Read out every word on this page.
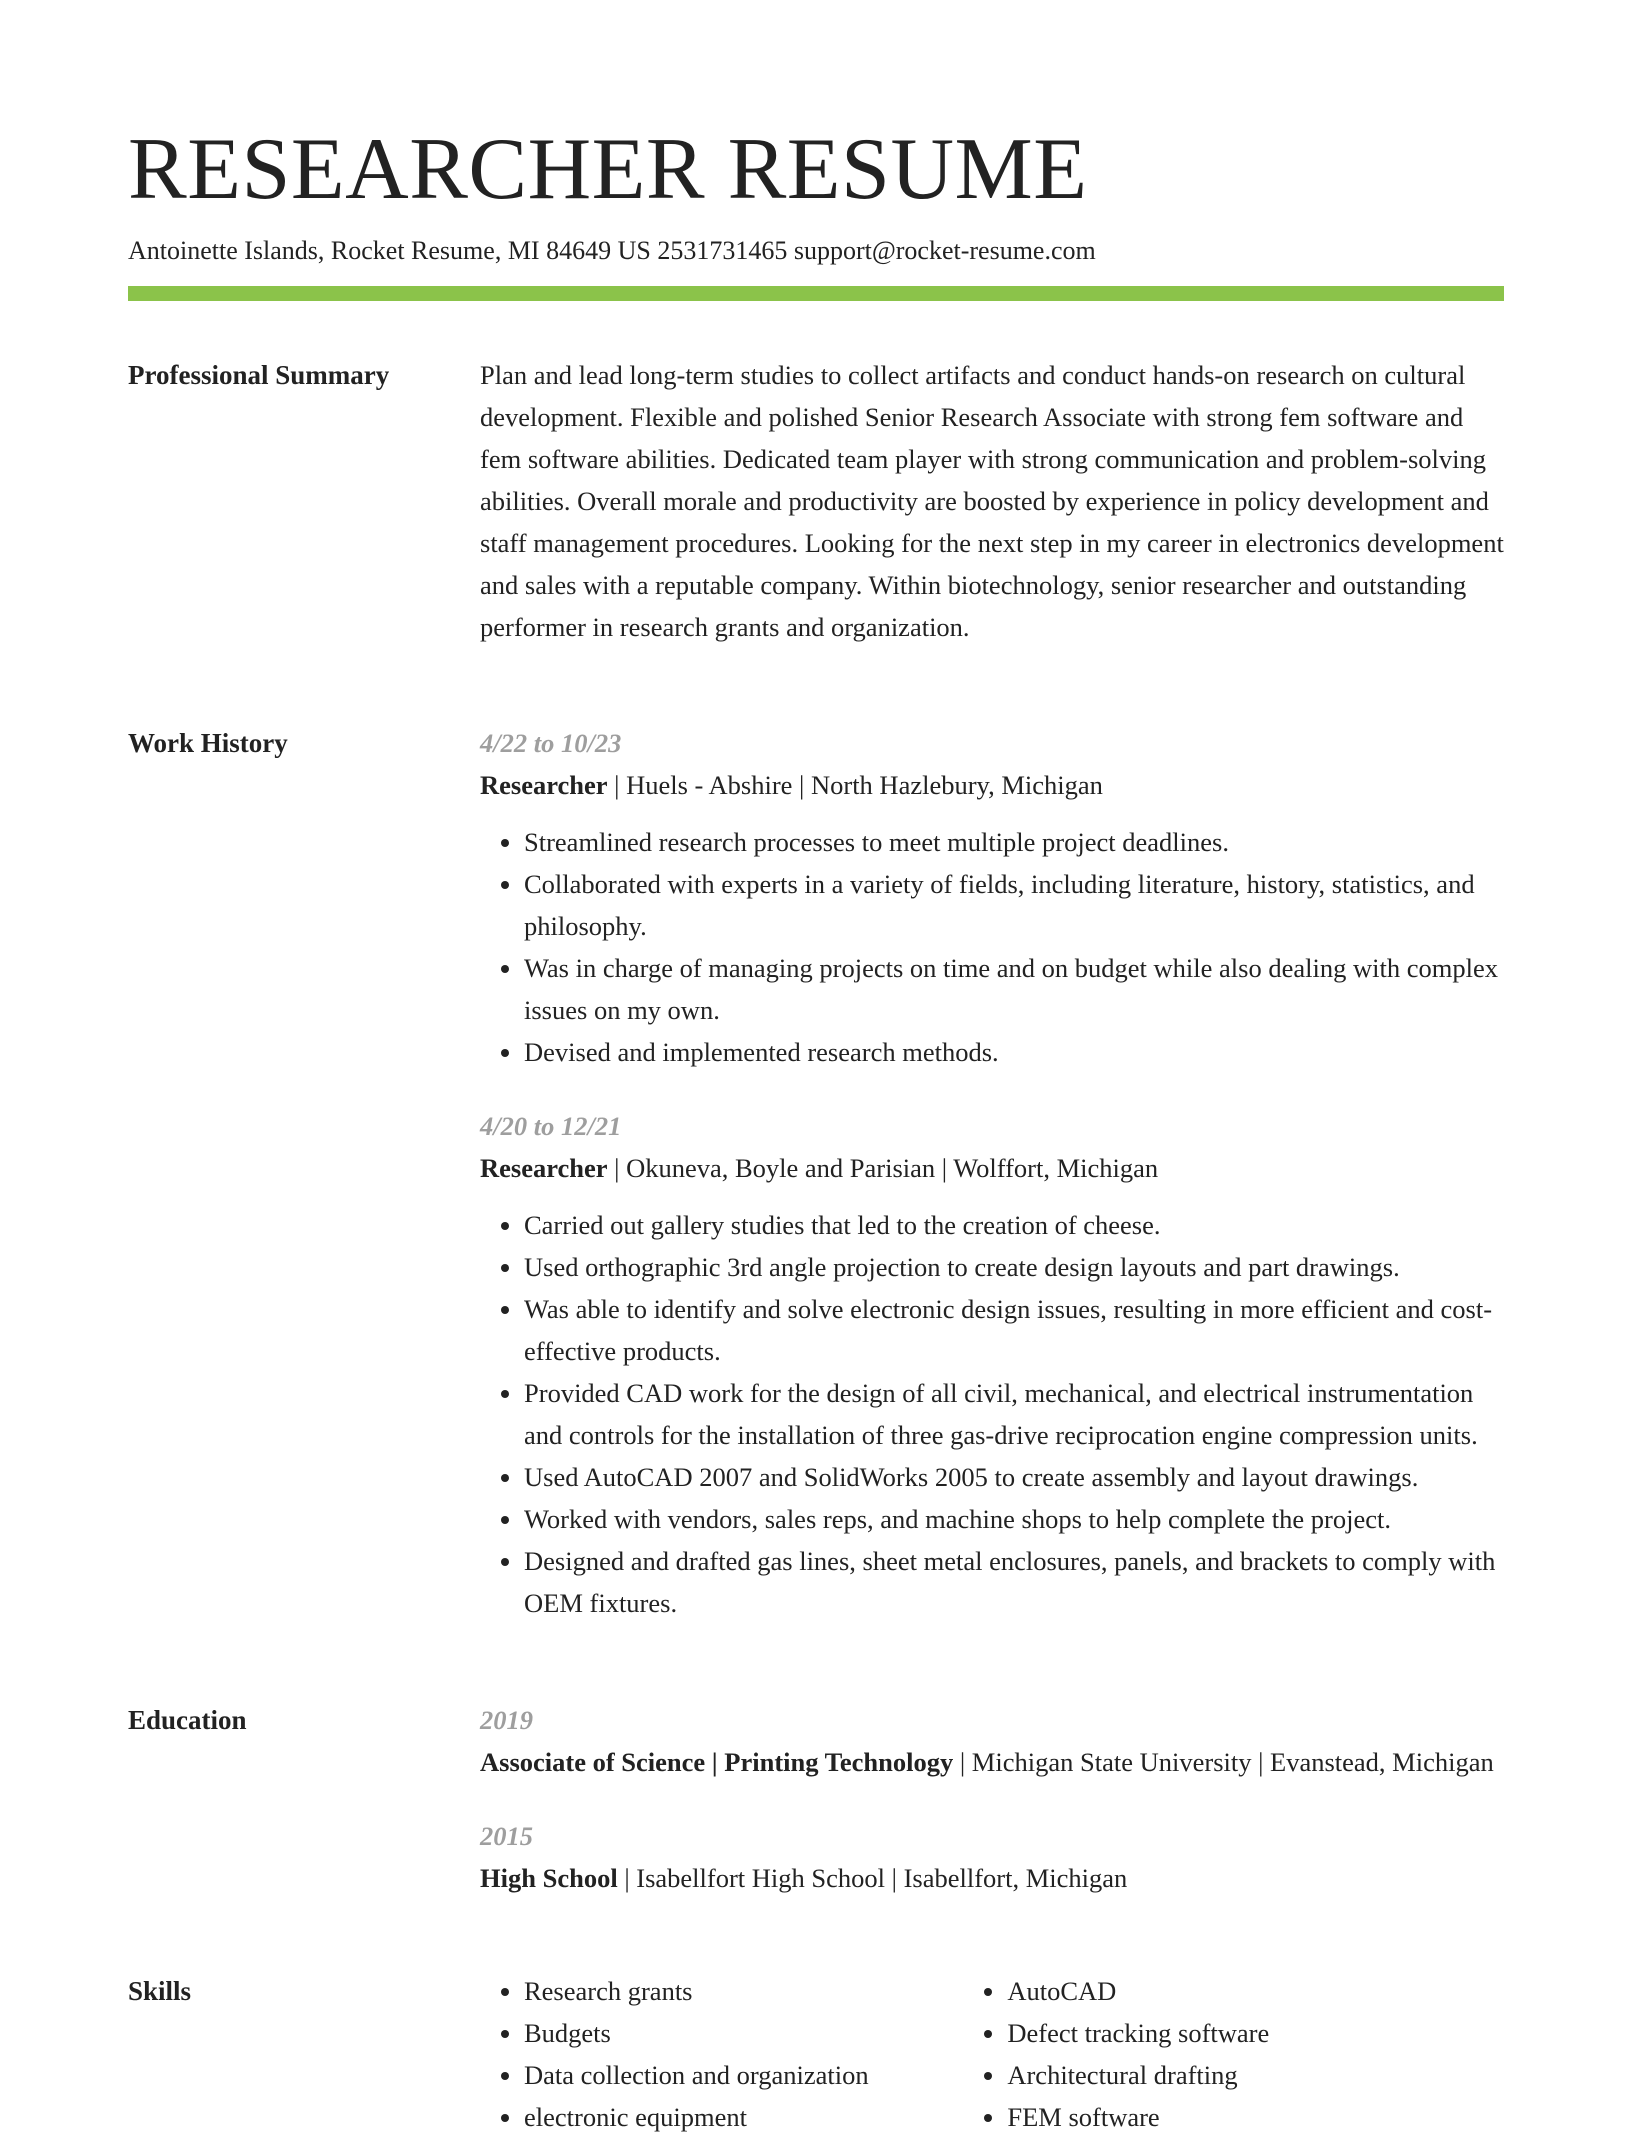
RESEARCHER RESUME
Antoinette Islands, Rocket Resume, MI 84649 US 2531731465 support@rocket-resume.com
Professional Summary	Plan and lead long-term studies to collect artifacts and conduct hands-on research on cultural development. Flexible and polished Senior Research Associate with strong fem software and fem software abilities. Dedicated team player with strong communication and problem-solving abilities. Overall morale and productivity are boosted by experience in policy development and staff management procedures. Looking for the next step in my career in electronics development and sales with a reputable company. Within biotechnology, senior researcher and outstanding performer in research grants and organization.

Work History	4/22 to 10/23
Researcher | Huels - Abshire | North Hazlebury, Michigan
• Streamlined research processes to meet multiple project deadlines.
• Collaborated with experts in a variety of fields, including literature, history, statistics, and philosophy.
• Was in charge of managing projects on time and on budget while also dealing with complex issues on my own.
• Devised and implemented research methods.
4/20 to 12/21
Researcher | Okuneva, Boyle and Parisian | Wolffort, Michigan
• Carried out gallery studies that led to the creation of cheese.
• Used orthographic 3rd angle projection to create design layouts and part drawings.
• Was able to identify and solve electronic design issues, resulting in more efficient and cost-effective products.
• Provided CAD work for the design of all civil, mechanical, and electrical instrumentation and controls for the installation of three gas-drive reciprocation engine compression units.
• Used AutoCAD 2007 and SolidWorks 2005 to create assembly and layout drawings.
• Worked with vendors, sales reps, and machine shops to help complete the project.
• Designed and drafted gas lines, sheet metal enclosures, panels, and brackets to comply with OEM fixtures.
Education	2019
Associate of Science | Printing Technology | Michigan State University | Evanstead, Michigan
2015
High School | Isabellfort High School | Isabellfort, Michigan
Skills
•	Research grants
• Budgets
• Data collection and organization
• electronic equipment
• AutoCAD
• Defect tracking software
• Architectural drafting
• FEM software
